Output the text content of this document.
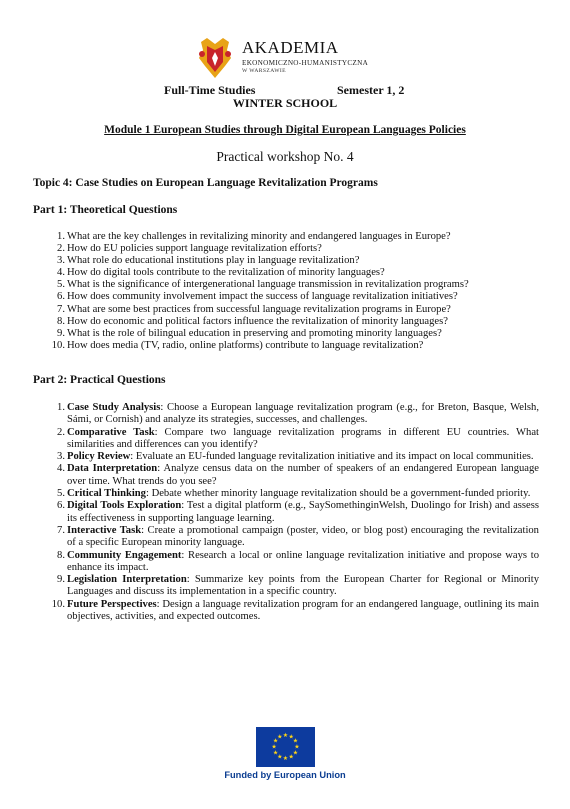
AKADEMIA
EKONOMICZNO-HUMANISTYCZNA
W WARSZAWIE
Full-Time Studies	Semester 1, 2
WINTER SCHOOL
Module 1 European Studies through Digital European Languages Policies
Practical workshop No. 4
Topic 4: Case Studies on European Language Revitalization Programs
Part 1: Theoretical Questions
1. What are the key challenges in revitalizing minority and endangered languages in Europe?
2. How do EU policies support language revitalization efforts?
3. What role do educational institutions play in language revitalization?
4. How do digital tools contribute to the revitalization of minority languages?
5. What is the significance of intergenerational language transmission in revitalization programs?
6. How does community involvement impact the success of language revitalization initiatives?
7. What are some best practices from successful language revitalization programs in Europe?
8. How do economic and political factors influence the revitalization of minority languages?
9. What is the role of bilingual education in preserving and promoting minority languages?
10. How does media (TV, radio, online platforms) contribute to language revitalization?
Part 2: Practical Questions
1. Case Study Analysis: Choose a European language revitalization program (e.g., for Breton, Basque, Welsh, Sámi, or Cornish) and analyze its strategies, successes, and challenges.
2. Comparative Task: Compare two language revitalization programs in different EU countries. What similarities and differences can you identify?
3. Policy Review: Evaluate an EU-funded language revitalization initiative and its impact on local communities.
4. Data Interpretation: Analyze census data on the number of speakers of an endangered European language over time. What trends do you see?
5. Critical Thinking: Debate whether minority language revitalization should be a government-funded priority.
6. Digital Tools Exploration: Test a digital platform (e.g., SaySomethinginWelsh, Duolingo for Irish) and assess its effectiveness in supporting language learning.
7. Interactive Task: Create a promotional campaign (poster, video, or blog post) encouraging the revitalization of a specific European minority language.
8. Community Engagement: Research a local or online language revitalization initiative and propose ways to enhance its impact.
9. Legislation Interpretation: Summarize key points from the European Charter for Regional or Minority Languages and discuss its implementation in a specific country.
10. Future Perspectives: Design a language revitalization program for an endangered language, outlining its main objectives, activities, and expected outcomes.
★ ★
★
★
★
★
★
★
★
★
★
★
Funded by European Union
